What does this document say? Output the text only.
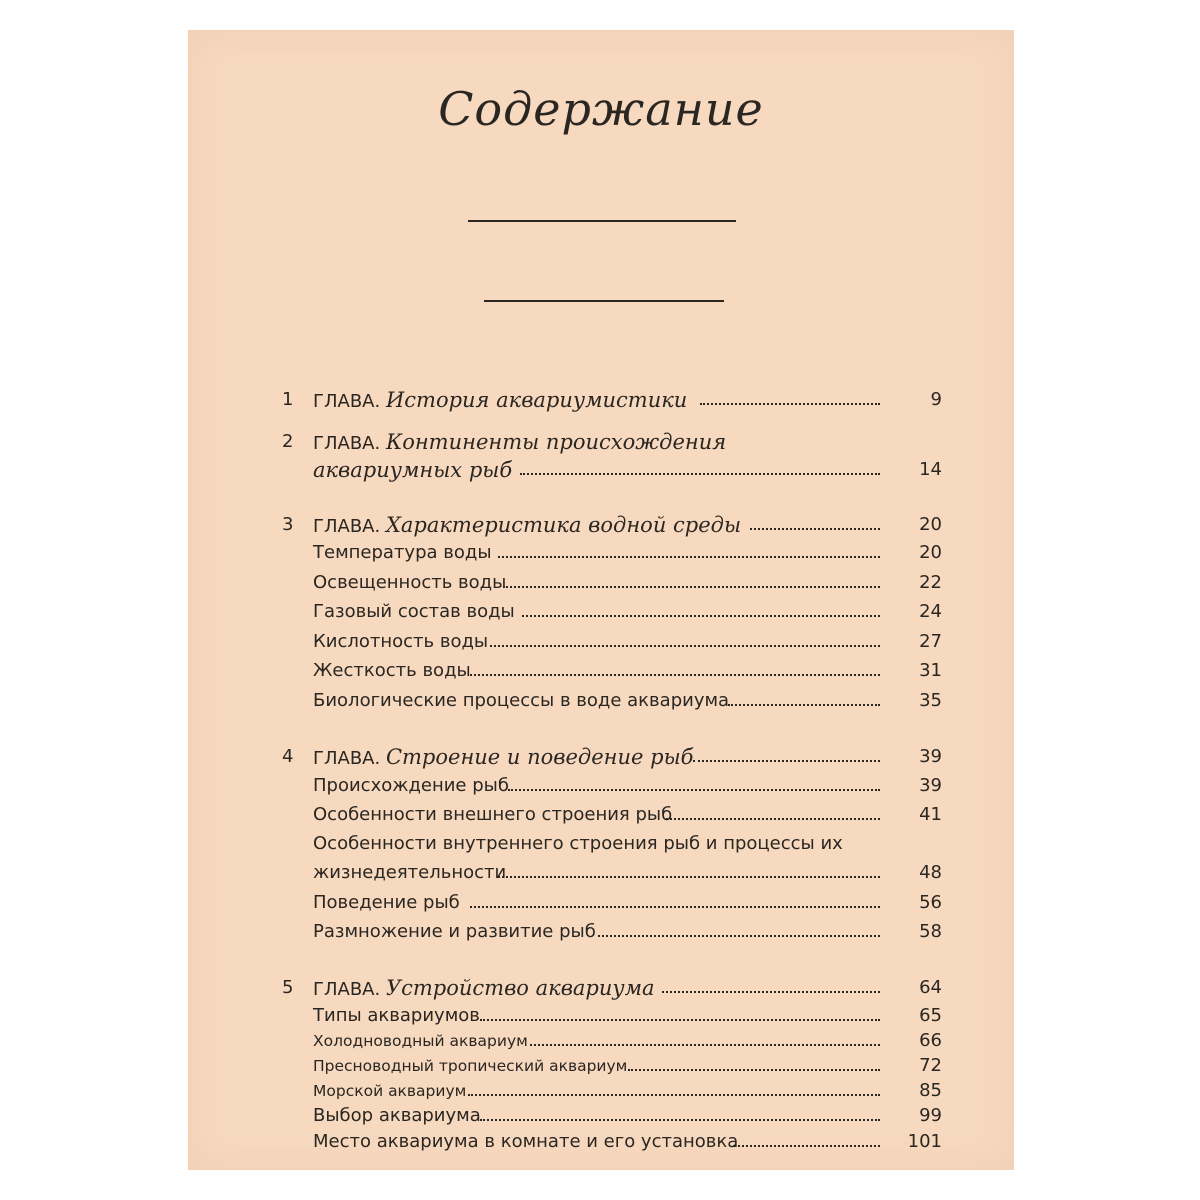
Содержание
1	ГЛАВА. История аквариумистики	9
2	ГЛАВА. Континенты происхождения
аквариумных рыб	14
3	ГЛАВА. Характеристика водной среды	20
Температура воды	20
Освещенность воды	22
Газовый состав воды	24
Кислотность воды	27
Жесткость воды	31
Биологические процессы в воде аквариума	35
4	ГЛАВА. Строение и поведение рыб	39
Происхождение рыб	39
Особенности внешнего строения рыб	41
Особенности внутреннего строения рыб и процессы их
жизнедеятельности	48
Поведение рыб	56
Размножение и развитие рыб	58
5	ГЛАВА. Устройство аквариума	64
Типы аквариумов	65
Холодноводный аквариум	66
Пресноводный тропический аквариум	72
Морской аквариум	85
Выбор аквариума	99
Место аквариума в комнате и его установка	101
